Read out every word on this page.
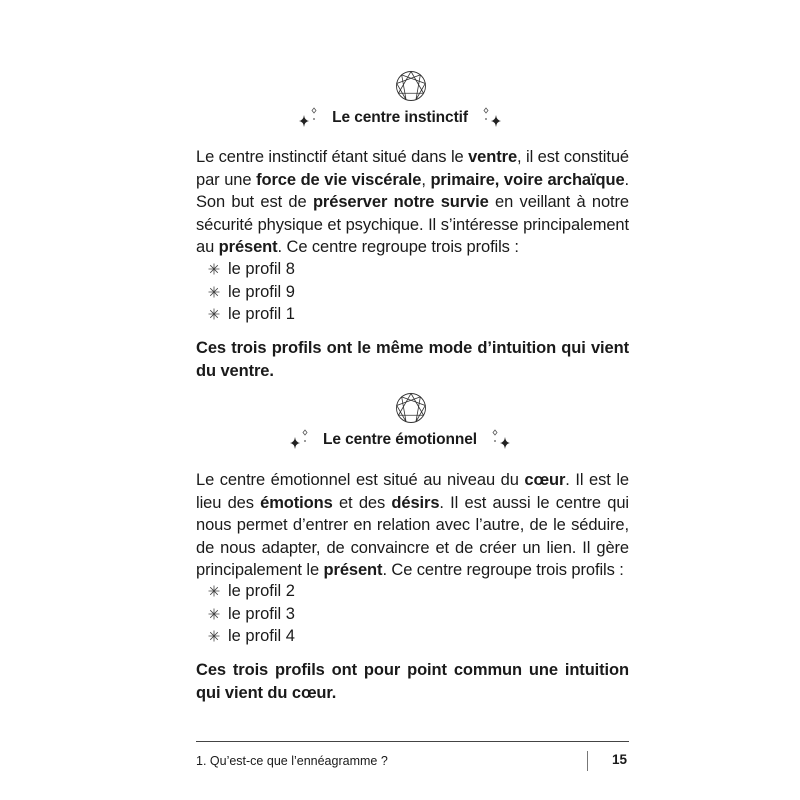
Le centre instinctif
Le centre instinctif étant situé dans le ventre, il est constitué par une force de vie viscérale, primaire, voire archaïque. Son but est de préserver notre survie en veillant à notre sécurité physique et psychique. Il s’intéresse principalement au présent. Ce centre regroupe trois profils :
le profil 8
le profil 9
le profil 1
Ces trois profils ont le même mode d’intuition qui vient du ventre.
Le centre émotionnel
Le centre émotionnel est situé au niveau du cœur. Il est le lieu des émotions et des désirs. Il est aussi le centre qui nous permet d’entrer en relation avec l’autre, de le séduire, de nous adapter, de convaincre et de créer un lien. Il gère principalement le présent. Ce centre regroupe trois profils :
le profil 2
le profil 3
le profil 4
Ces trois profils ont pour point commun une intuition qui vient du cœur.
1. Qu’est-ce que l’ennéagramme ?	15
